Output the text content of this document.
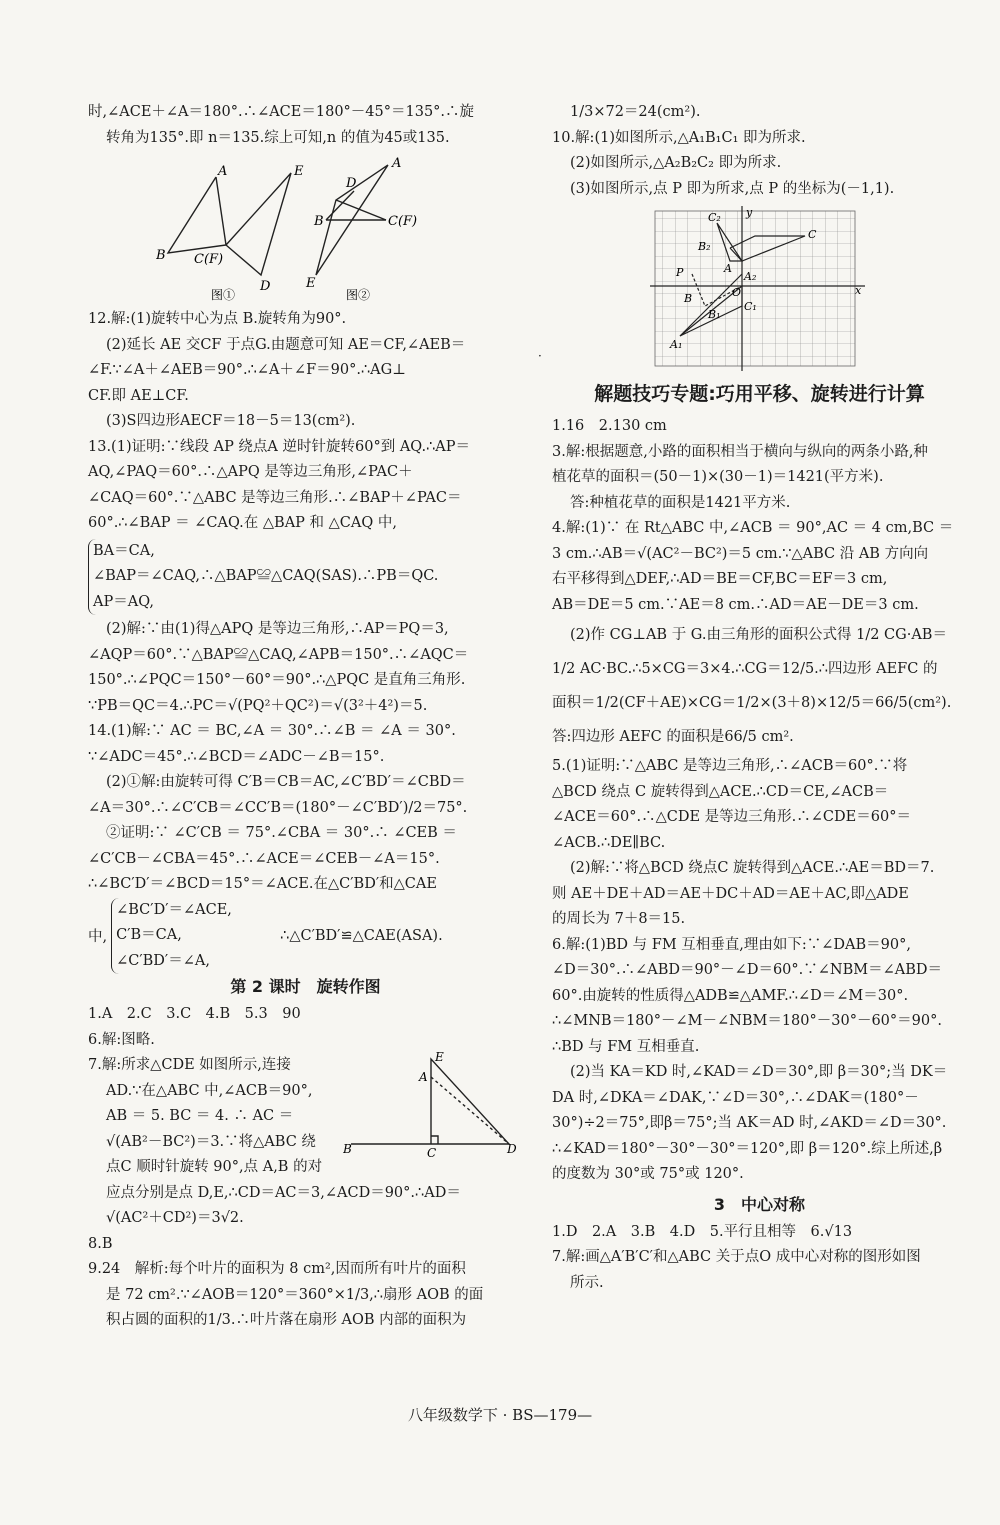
时,∠ACE＋∠A＝180°.∴∠ACE＝180°－45°＝135°.∴旋

转角为135°.即 n＝135.综上可知,n 的值为45或135.

A
B C(F)
D
E
图①
A
D
B	C(F)
E
图②

12.解:(1)旋转中心为点 B.旋转角为90°.

(2)延长 AE 交CF 于点G.由题意可知 AE＝CF,∠AEB＝

∠F.∵∠A＋∠AEB＝90°.∴∠A＋∠F＝90°.∴AG⊥

CF.即 AE⊥CF.

(3)S四边形AECF＝18－5＝13(cm²).

13.(1)证明:∵线段 AP 绕点A 逆时针旋转60°到 AQ.∴AP＝

AQ,∠PAQ＝60°.∴△APQ 是等边三角形,∠PAC＋

∠CAQ＝60°.∵△ABC 是等边三角形.∴∠BAP＋∠PAC＝

60°.∴∠BAP ＝ ∠CAQ.在 △BAP 和 △CAQ 中,

BA＝CA,

∠BAP＝∠CAQ,∴△BAP≌△CAQ(SAS).∴PB＝QC.

AP＝AQ,

(2)解:∵由(1)得△APQ 是等边三角形,∴AP＝PQ＝3,

∠AQP＝60°.∵△BAP≌△CAQ,∠APB＝150°.∴∠AQC＝

150°.∴∠PQC＝150°－60°＝90°.∴△PQC 是直角三角形.

∵PB＝QC＝4.∴PC＝√(PQ²＋QC²)＝√(3²＋4²)＝5.

14.(1)解:∵ AC ＝ BC,∠A ＝ 30°.∴∠B ＝ ∠A ＝ 30°.

∵∠ADC＝45°.∴∠BCD＝∠ADC－∠B＝15°.

(2)①解:由旋转可得 C′B＝CB＝AC,∠C′BD′＝∠CBD＝

∠A＝30°.∴∠C′CB＝∠CC′B＝(180°－∠C′BD′)/2＝75°.

②证明:∵ ∠C′CB ＝ 75°.∠CBA ＝ 30°.∴ ∠CEB ＝

∠C′CB－∠CBA＝45°.∴∠ACE＝∠CEB－∠A＝15°.

∴∠BC′D′＝∠BCD＝15°＝∠ACE.在△C′BD′和△CAE

中,

∠BC′D′＝∠ACE,

C′B＝CA,

∠C′BD′＝∠A,

∴△C′BD′≌△CAE(ASA).

第 2 课时　旋转作图

1.A　2.C　3.C　4.B　5.3　90

6.解:图略.

7.解:所求△CDE 如图所示,连接

AD.∵在△ABC 中,∠ACB＝90°,

AB ＝ 5. BC ＝ 4. ∴ AC ＝

√(AB²－BC²)＝3.∵将△ABC 绕

点C 顺时针旋转 90°,点 A,B 的对

应点分别是点 D,E,∴CD＝AC＝3,∠ACD＝90°.∴AD＝

√(AC²＋CD²)＝3√2.

E
A
B	C	D

8.B

9.24　解析:每个叶片的面积为 8 cm²,因而所有叶片的面积

是 72 cm².∵∠AOB＝120°＝360°×1/3,∴扇形 AOB 的面

积占圆的面积的1/3.∴叶片落在扇形 AOB 内部的面积为

·

1/3×72＝24(cm²).

10.解:(1)如图所示,△A₁B₁C₁ 即为所求.

(2)如图所示,△A₂B₂C₂ 即为所求.

(3)如图所示,点 P 即为所求,点 P 的坐标为(－1,1).

y
x
O
P
C₂
C
B₂
A
A₂
B
C₁
A₁
B₁

解题技巧专题:巧用平移、旋转进行计算

1.16　2.130 cm

3.解:根据题意,小路的面积相当于横向与纵向的两条小路,种

植花草的面积＝(50－1)×(30－1)＝1421(平方米).

答:种植花草的面积是1421平方米.

4.解:(1)∵ 在 Rt△ABC 中,∠ACB ＝ 90°,AC ＝ 4 cm,BC ＝

3 cm.∴AB＝√(AC²－BC²)＝5 cm.∵△ABC 沿 AB 方向向

右平移得到△DEF,∴AD＝BE＝CF,BC＝EF＝3 cm,

AB＝DE＝5 cm.∵AE＝8 cm.∴AD＝AE－DE＝3 cm.

(2)作 CG⊥AB 于 G.由三角形的面积公式得 1/2 CG·AB＝

1/2 AC·BC.∴5×CG＝3×4.∴CG＝12/5.∴四边形 AEFC 的

面积＝1/2(CF＋AE)×CG＝1/2×(3＋8)×12/5＝66/5(cm²).

答:四边形 AEFC 的面积是66/5 cm².

5.(1)证明:∵△ABC 是等边三角形,∴∠ACB＝60°.∵将

△BCD 绕点 C 旋转得到△ACE.∴CD＝CE,∠ACB＝

∠ACE＝60°.∴△CDE 是等边三角形.∴∠CDE＝60°＝

∠ACB.∴DE∥BC.

(2)解:∵将△BCD 绕点C 旋转得到△ACE.∴AE＝BD＝7.

则 AE＋DE＋AD＝AE＋DC＋AD＝AE＋AC,即△ADE

的周长为 7＋8＝15.

6.解:(1)BD 与 FM 互相垂直,理由如下:∵∠DAB＝90°,

∠D＝30°.∴∠ABD＝90°－∠D＝60°.∵∠NBM＝∠ABD＝

60°.由旋转的性质得△ADB≌△AMF.∴∠D＝∠M＝30°.

∴∠MNB＝180°－∠M－∠NBM＝180°－30°－60°＝90°.

∴BD 与 FM 互相垂直.

(2)当 KA＝KD 时,∠KAD＝∠D＝30°,即 β＝30°;当 DK＝

DA 时,∠DKA＝∠DAK,∵∠D＝30°,∴∠DAK＝(180°－

30°)÷2＝75°,即β＝75°;当 AK＝AD 时,∠AKD＝∠D＝30°.

∴∠KAD＝180°－30°－30°＝120°,即 β＝120°.综上所述,β

的度数为 30°或 75°或 120°.

3　中心对称

1.D　2.A　3.B　4.D　5.平行且相等　6.√13

7.解:画△A′B′C′和△ABC 关于点O 成中心对称的图形如图

所示.

八年级数学下 · BS—179—
